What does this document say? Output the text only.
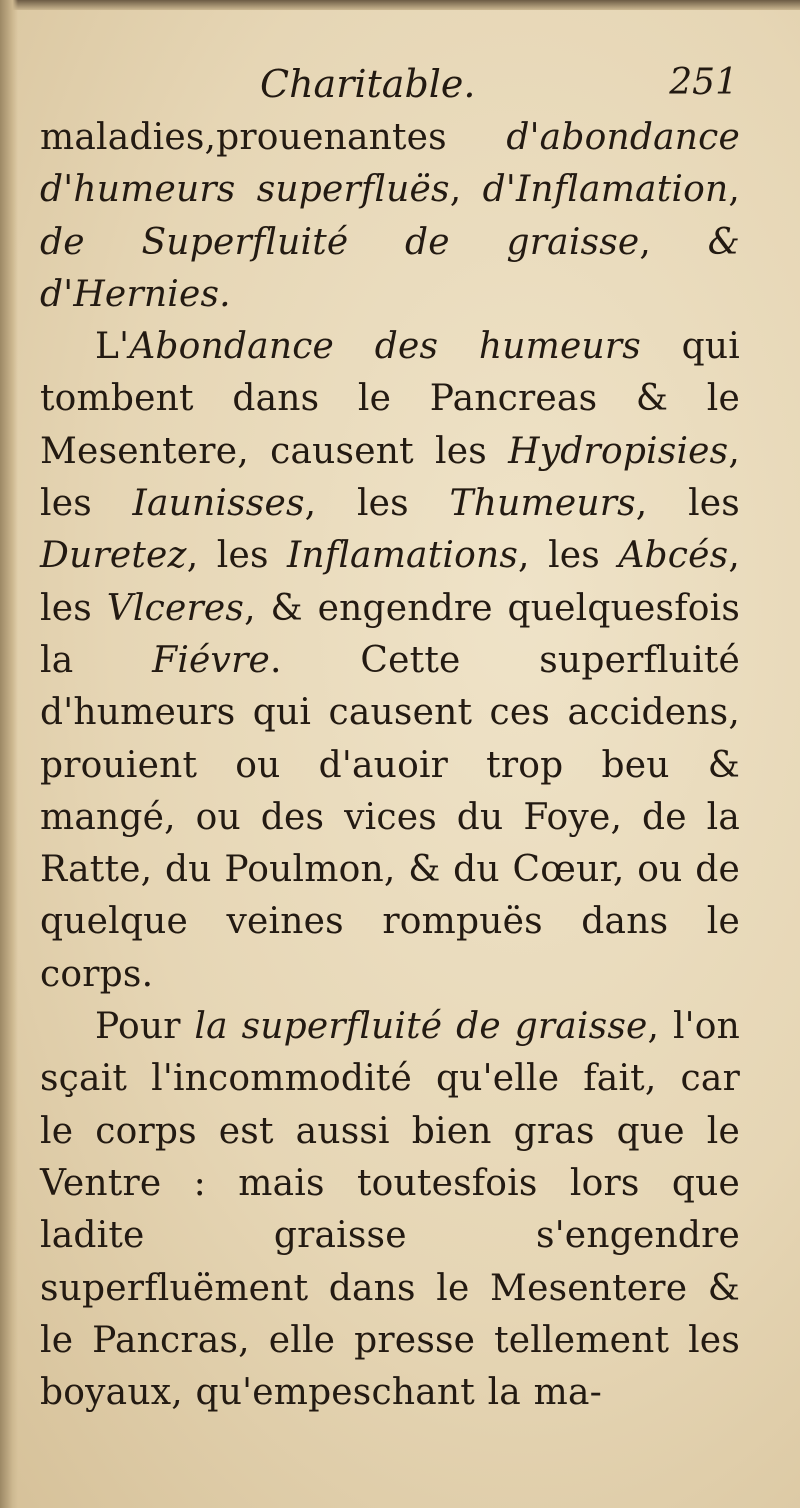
Charitable.	251

maladies,prouenantes d'abondance d'humeurs superfluës, d'Inflamation, de Superfluité de graisse, & d'Hernies.

L'Abondance des humeurs qui tombent dans le Pancreas & le Mesentere, causent les Hydropisies, les Iaunisses, les Thumeurs, les Duretez, les Inflamations, les Abcés, les Vlceres, & engendre quelquesfois la Fiévre. Cette superfluité d'humeurs qui causent ces accidens, prouient ou d'auoir trop beu & mangé, ou des vices du Foye, de la Ratte, du Poulmon, & du Cœur, ou de quelque veines rompuës dans le corps.

Pour la superfluité de graisse, l'on sçait l'incommodité qu'elle fait, car le corps est aussi bien gras que le Ventre : mais toutesfois lors que ladite graisse s'engendre superfluëment dans le Mesentere & le Pancras, elle presse tellement les boyaux, qu'empeschant la ma-
